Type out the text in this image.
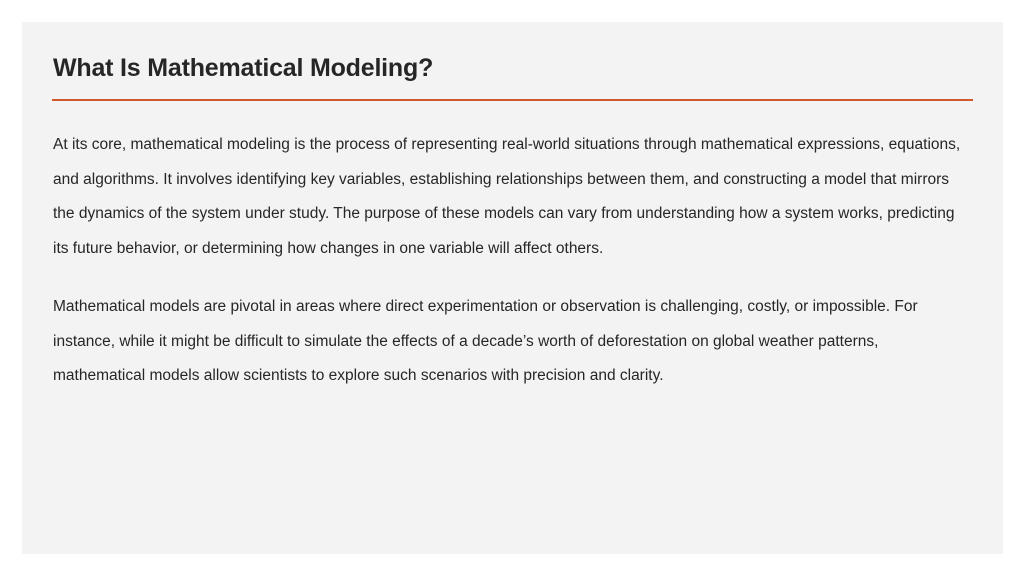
What Is Mathematical Modeling?

At its core, mathematical modeling is the process of representing real-world situations through mathematical expressions, equations, and algorithms. It involves identifying key variables, establishing relationships between them, and constructing a model that mirrors the dynamics of the system under study. The purpose of these models can vary from understanding how a system works, predicting its future behavior, or determining how changes in one variable will affect others.

Mathematical models are pivotal in areas where direct experimentation or observation is challenging, costly, or impossible. For instance, while it might be difficult to simulate the effects of a decade’s worth of deforestation on global weather patterns, mathematical models allow scientists to explore such scenarios with precision and clarity.
